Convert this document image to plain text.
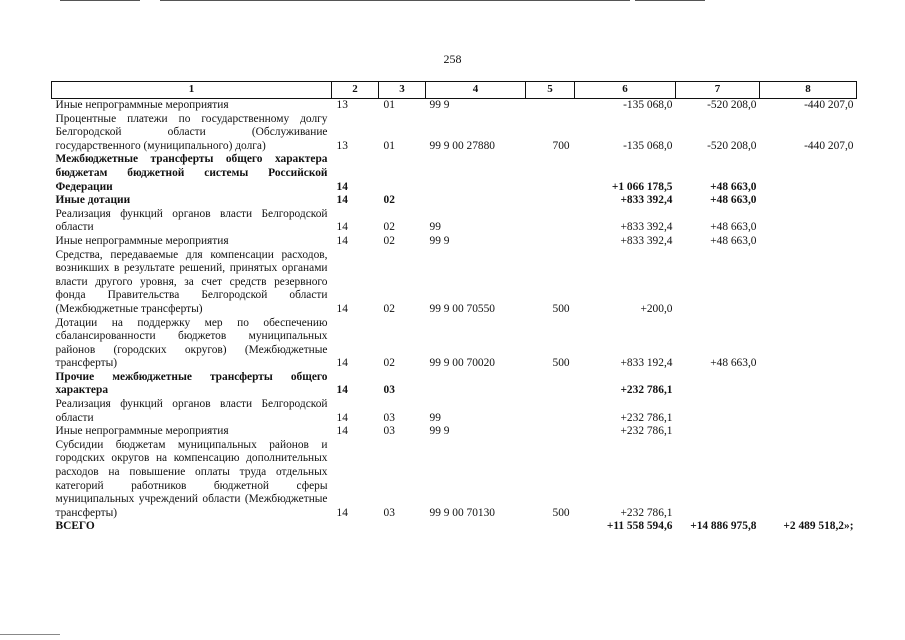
258
1	2	3	4	5	6	7	8
Иные непрограммные мероприятия	13	01	99 9		-135 068,0	-520 208,0	-440 207,0
Процентные платежи по государственному долгу Белгородской области (Обслуживание государственного (муниципального) долга)	13	01	99 9 00 27880	700	-135 068,0	-520 208,0	-440 207,0
Межбюджетные трансферты общего характера бюджетам бюджетной системы Российской Федерации	14				+1 066 178,5	+48 663,0	
Иные дотации	14	02			+833 392,4	+48 663,0	
Реализация функций органов власти Белгородской области	14	02	99		+833 392,4	+48 663,0	
Иные непрограммные мероприятия	14	02	99 9		+833 392,4	+48 663,0	
Средства, передаваемые для компенсации расходов, возникших в результате решений, принятых органами власти другого уровня, за счет средств резервного фонда Правительства Белгородской области (Межбюджетные трансферты)	14	02	99 9 00 70550	500	+200,0		
Дотации на поддержку мер по обеспечению сбалансированности бюджетов муниципальных районов (городских округов) (Межбюджетные трансферты)	14	02	99 9 00 70020	500	+833 192,4	+48 663,0	
Прочие межбюджетные трансферты общего характера	14	03			+232 786,1		
Реализация функций органов власти Белгородской области	14	03	99		+232 786,1		
Иные непрограммные мероприятия	14	03	99 9		+232 786,1		
Субсидии бюджетам муниципальных районов и городских округов на компенсацию дополнительных расходов на повышение оплаты труда отдельных категорий работников бюджетной сферы муниципальных учреждений области (Межбюджетные трансферты)	14	03	99 9 00 70130	500	+232 786,1		
ВСЕГО					+11 558 594,6	+14 886 975,8	+2 489 518,2»;
